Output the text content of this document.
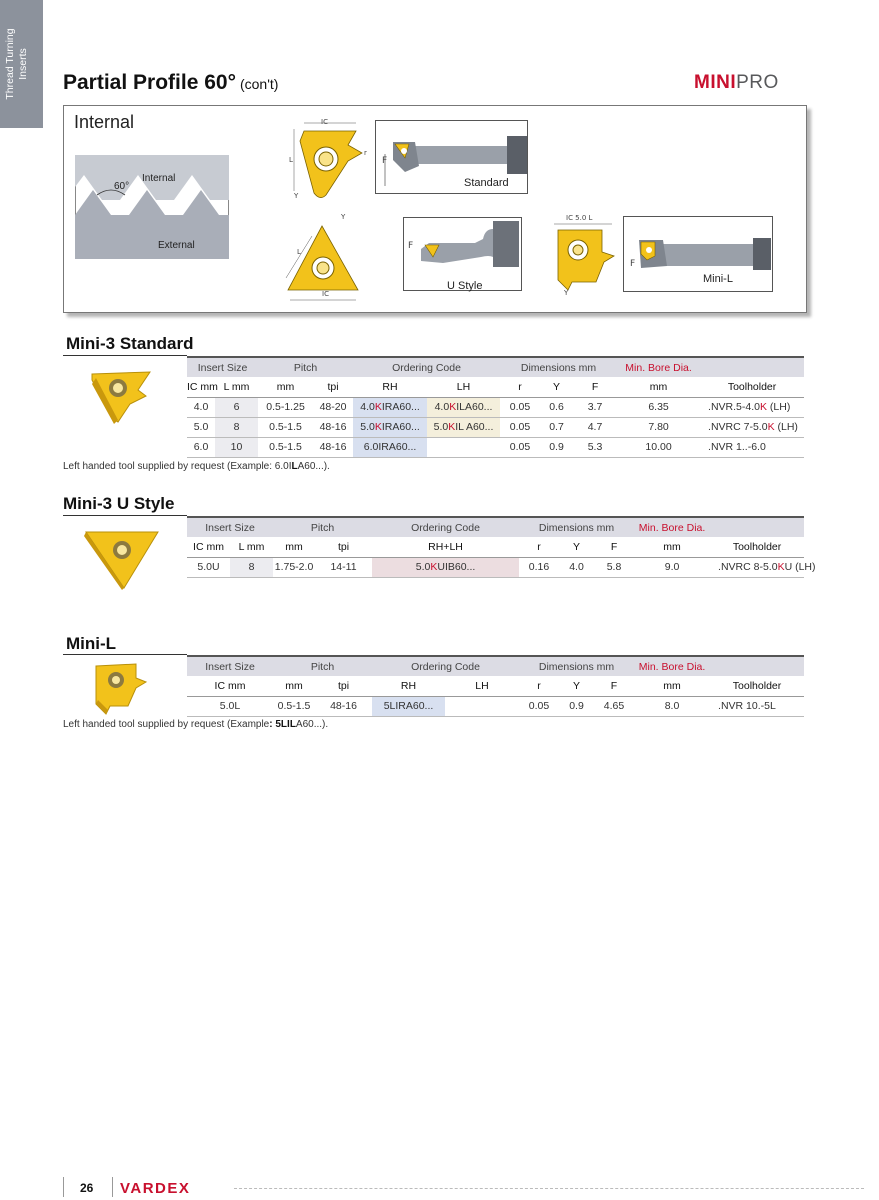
Thread Turning Inserts
Partial Profile 60° (con't)	MINIPRO
Internal
Internal
60°
External
IC
L
Y
r
F
Standard
Y
L
IC
F
U Style
IC 5.0 L
Y
F
Mini-L
Mini-3 Standard
Insert Size		Pitch		Ordering Code		Dimensions mm			Min. Bore Dia.	
IC mm	L mm	mm	tpi	RH	LH	r	Y	F	mm	Toolholder
4.0	6	0.5-1.25	48-20	4.0KIRA60...	4.0KILA60...	0.05	0.6	3.7	6.35	.NVR.5-4.0K (LH)
5.0	8	0.5-1.5	48-16	5.0KIRA60...	5.0KIL A60...	0.05	0.7	4.7	7.80	.NVRC 7-5.0K (LH)
6.0	10	0.5-1.5	48-16	6.0IRA60...		0.05	0.9	5.3	10.00	.NVR 1..-6.0
Left handed tool supplied by request (Example: 6.0ILA60...).
Mini-3 U Style
Insert Size		Pitch		Ordering Code	Dimensions mm			Min. Bore Dia.	
IC mm	L mm	mm	tpi	RH+LH	r	Y	F	mm	Toolholder
5.0U	8	1.75-2.0	14-11	5.0KUIB60...	0.16	4.0	5.8	9.0	.NVRC 8-5.0KU (LH)
Mini-L
Insert Size	Pitch		Ordering Code		Dimensions mm			Min. Bore Dia.	
IC mm	mm	tpi	RH	LH	r	Y	F	mm	Toolholder
5.0L	0.5-1.5	48-16	5LIRA60...		0.05	0.9	4.65	8.0	.NVR 10.-5L
Left handed tool supplied by request (Example: 5LILA60...).
26 VARDEX
